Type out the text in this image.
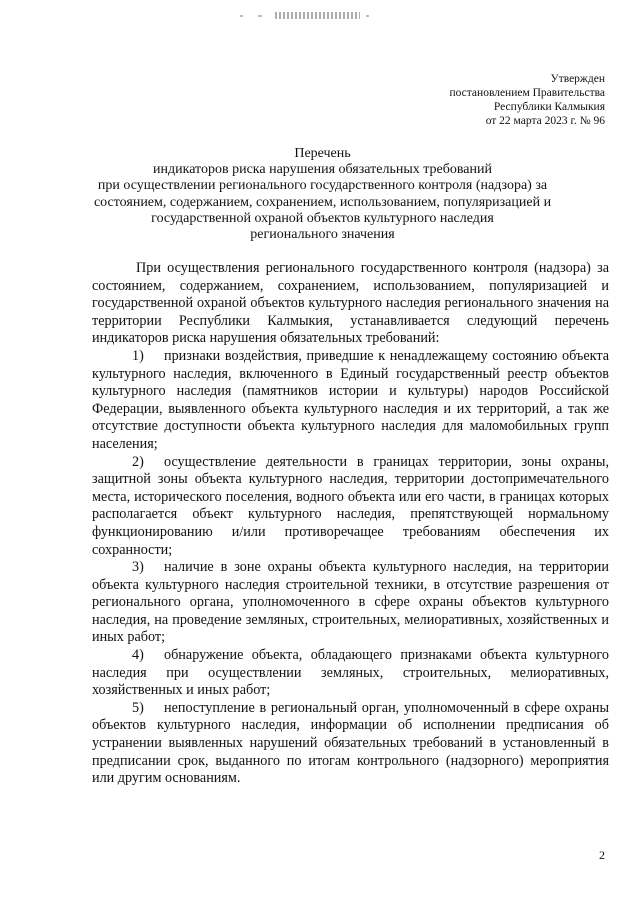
Утвержден
постановлением Правительства
Республики Калмыкия
от 22 марта 2023 г. № 96
Перечень
индикаторов риска нарушения обязательных требований
при осуществлении регионального государственного контроля (надзора) за
состоянием, содержанием, сохранением, использованием, популяризацией и
государственной охраной объектов культурного наследия
регионального значения

При осуществления регионального государственного контроля (надзора) за состоянием, содержанием, сохранением, использованием, популяризацией и государственной охраной объектов культурного наследия регионального значения на территории Республики Калмыкия, устанавливается следующий перечень индикаторов риска нарушения обязательных требований:

1) признаки воздействия, приведшие к ненадлежащему состоянию объекта культурного наследия, включенного в Единый государственный реестр объектов культурного наследия (памятников истории и культуры) народов Российской Федерации, выявленного объекта культурного наследия и их территорий, а так же отсутствие доступности объекта культурного наследия для маломобильных групп населения;

2) осуществление деятельности в границах территории, зоны охраны, защитной зоны объекта культурного наследия, территории достопримечательного места, исторического поселения, водного объекта или его части, в границах которых располагается объект культурного наследия, препятствующей нормальному функционированию и/или противоречащее требованиям обеспечения их сохранности;

3) наличие в зоне охраны объекта культурного наследия, на территории объекта культурного наследия строительной техники, в отсутствие разрешения от регионального органа, уполномоченного в сфере охраны объектов культурного наследия, на проведение земляных, строительных, мелиоративных, хозяйственных и иных работ;

4) обнаружение объекта, обладающего признаками объекта культурного наследия при осуществлении земляных, строительных, мелиоративных, хозяйственных и иных работ;

5) непоступление в региональный орган, уполномоченный в сфере охраны объектов культурного наследия, информации об исполнении предписания об устранении выявленных нарушений обязательных требований в установленный в предписании срок, выданного по итогам контрольного (надзорного) мероприятия или другим основаниям.

2
